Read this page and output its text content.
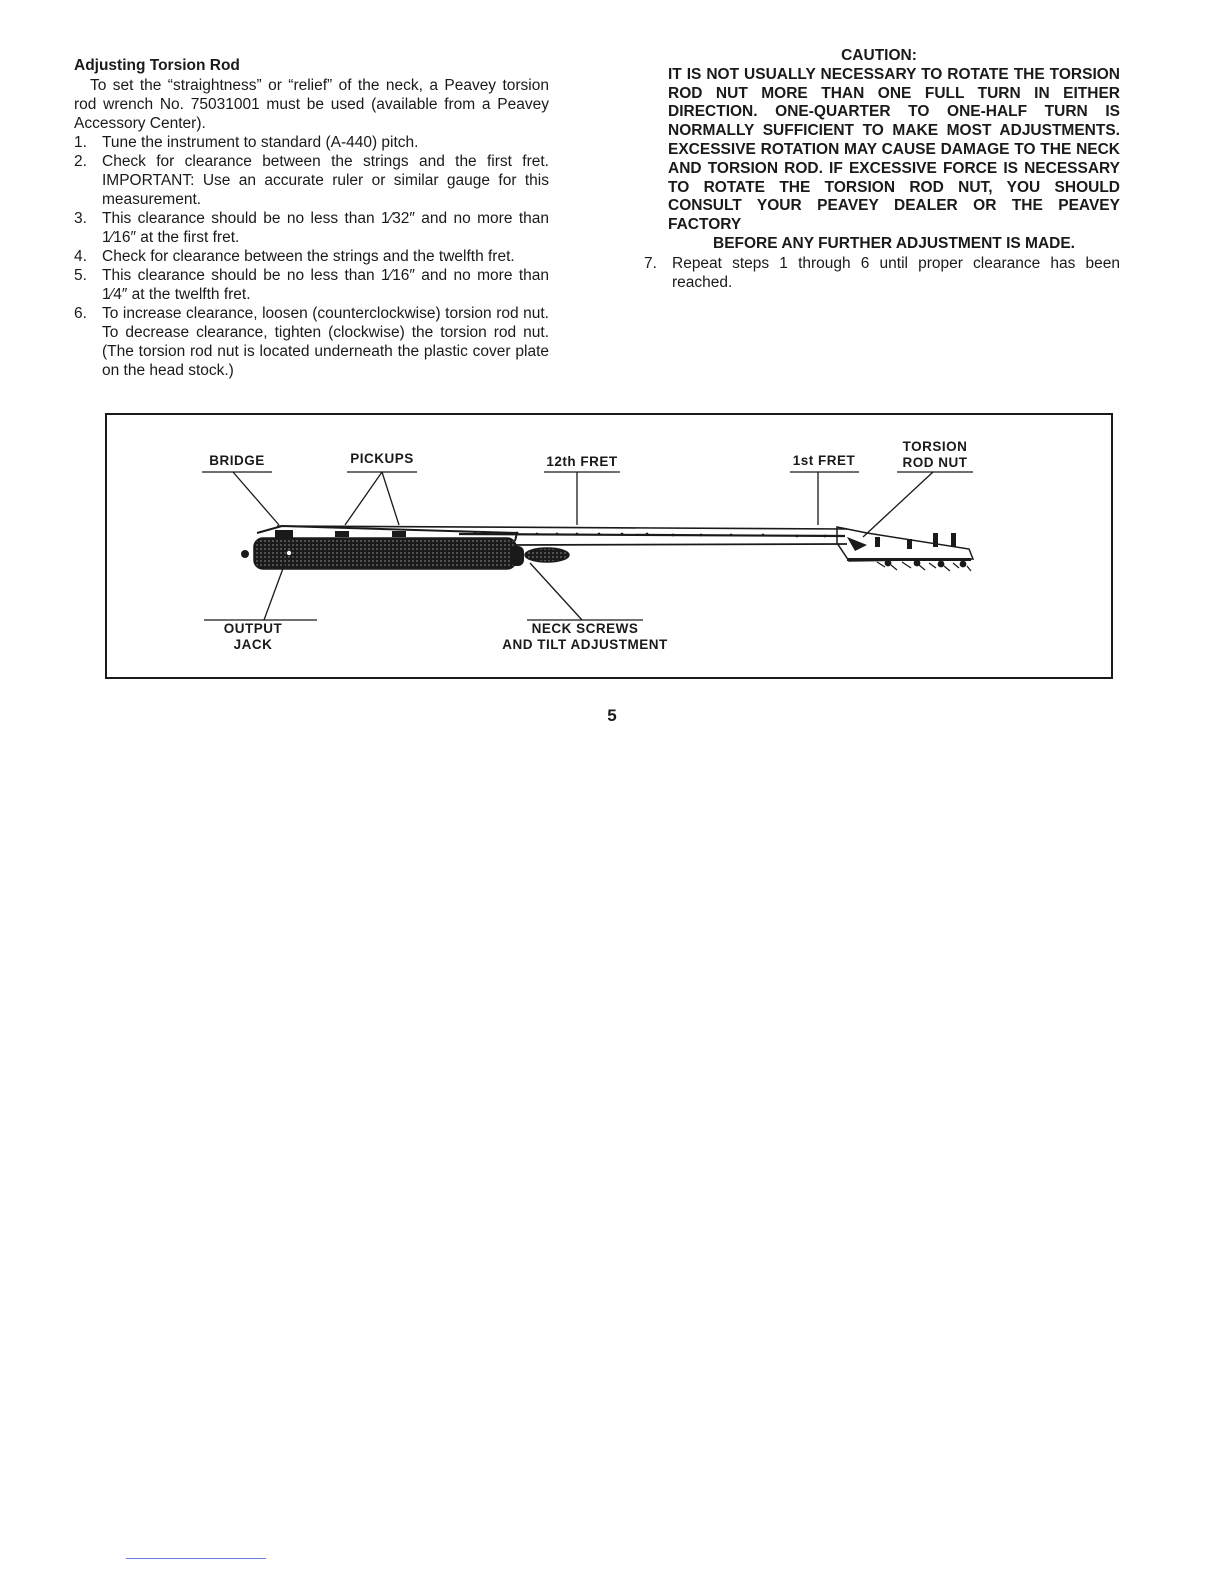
Adjusting Torsion Rod

To set the “straightness” or “relief” of the neck, a Peavey torsion rod wrench No. 75031001 must be used (available from a Peavey Accessory Center).

1. Tune the instrument to standard (A-440) pitch.
2. Check for clearance between the strings and the first fret. IMPORTANT: Use an accurate ruler or similar gauge for this measurement.
3. This clearance should be no less than 1⁄32″ and no more than 1⁄16″ at the first fret.
4. Check for clearance between the strings and the twelfth fret.
5. This clearance should be no less than 1⁄16″ and no more than 1⁄4″ at the twelfth fret.
6. To increase clearance, loosen (counterclockwise) torsion rod nut. To decrease clearance, tighten (clockwise) the torsion rod nut. (The torsion rod nut is located underneath the plastic cover plate on the head stock.)
CAUTION:
IT IS NOT USUALLY NECESSARY TO ROTATE THE TORSION ROD NUT MORE THAN ONE FULL TURN IN EITHER DIRECTION. ONE-QUARTER TO ONE-HALF TURN IS NORMALLY SUFFICIENT TO MAKE MOST ADJUSTMENTS. EXCESSIVE ROTATION MAY CAUSE DAMAGE TO THE NECK AND TORSION ROD. IF EXCESSIVE FORCE IS NECESSARY TO ROTATE THE TORSION ROD NUT, YOU SHOULD CONSULT YOUR PEAVEY DEALER OR THE PEAVEY FACTORY
BEFORE ANY FURTHER ADJUSTMENT IS MADE.
7. Repeat steps 1 through 6 until proper clearance has been reached.
BRIDGE	PICKUPS	12th FRET	1st FRET
TORSION
ROD NUT
OUTPUT
JACK
NECK SCREWS
AND TILT ADJUSTMENT
5
